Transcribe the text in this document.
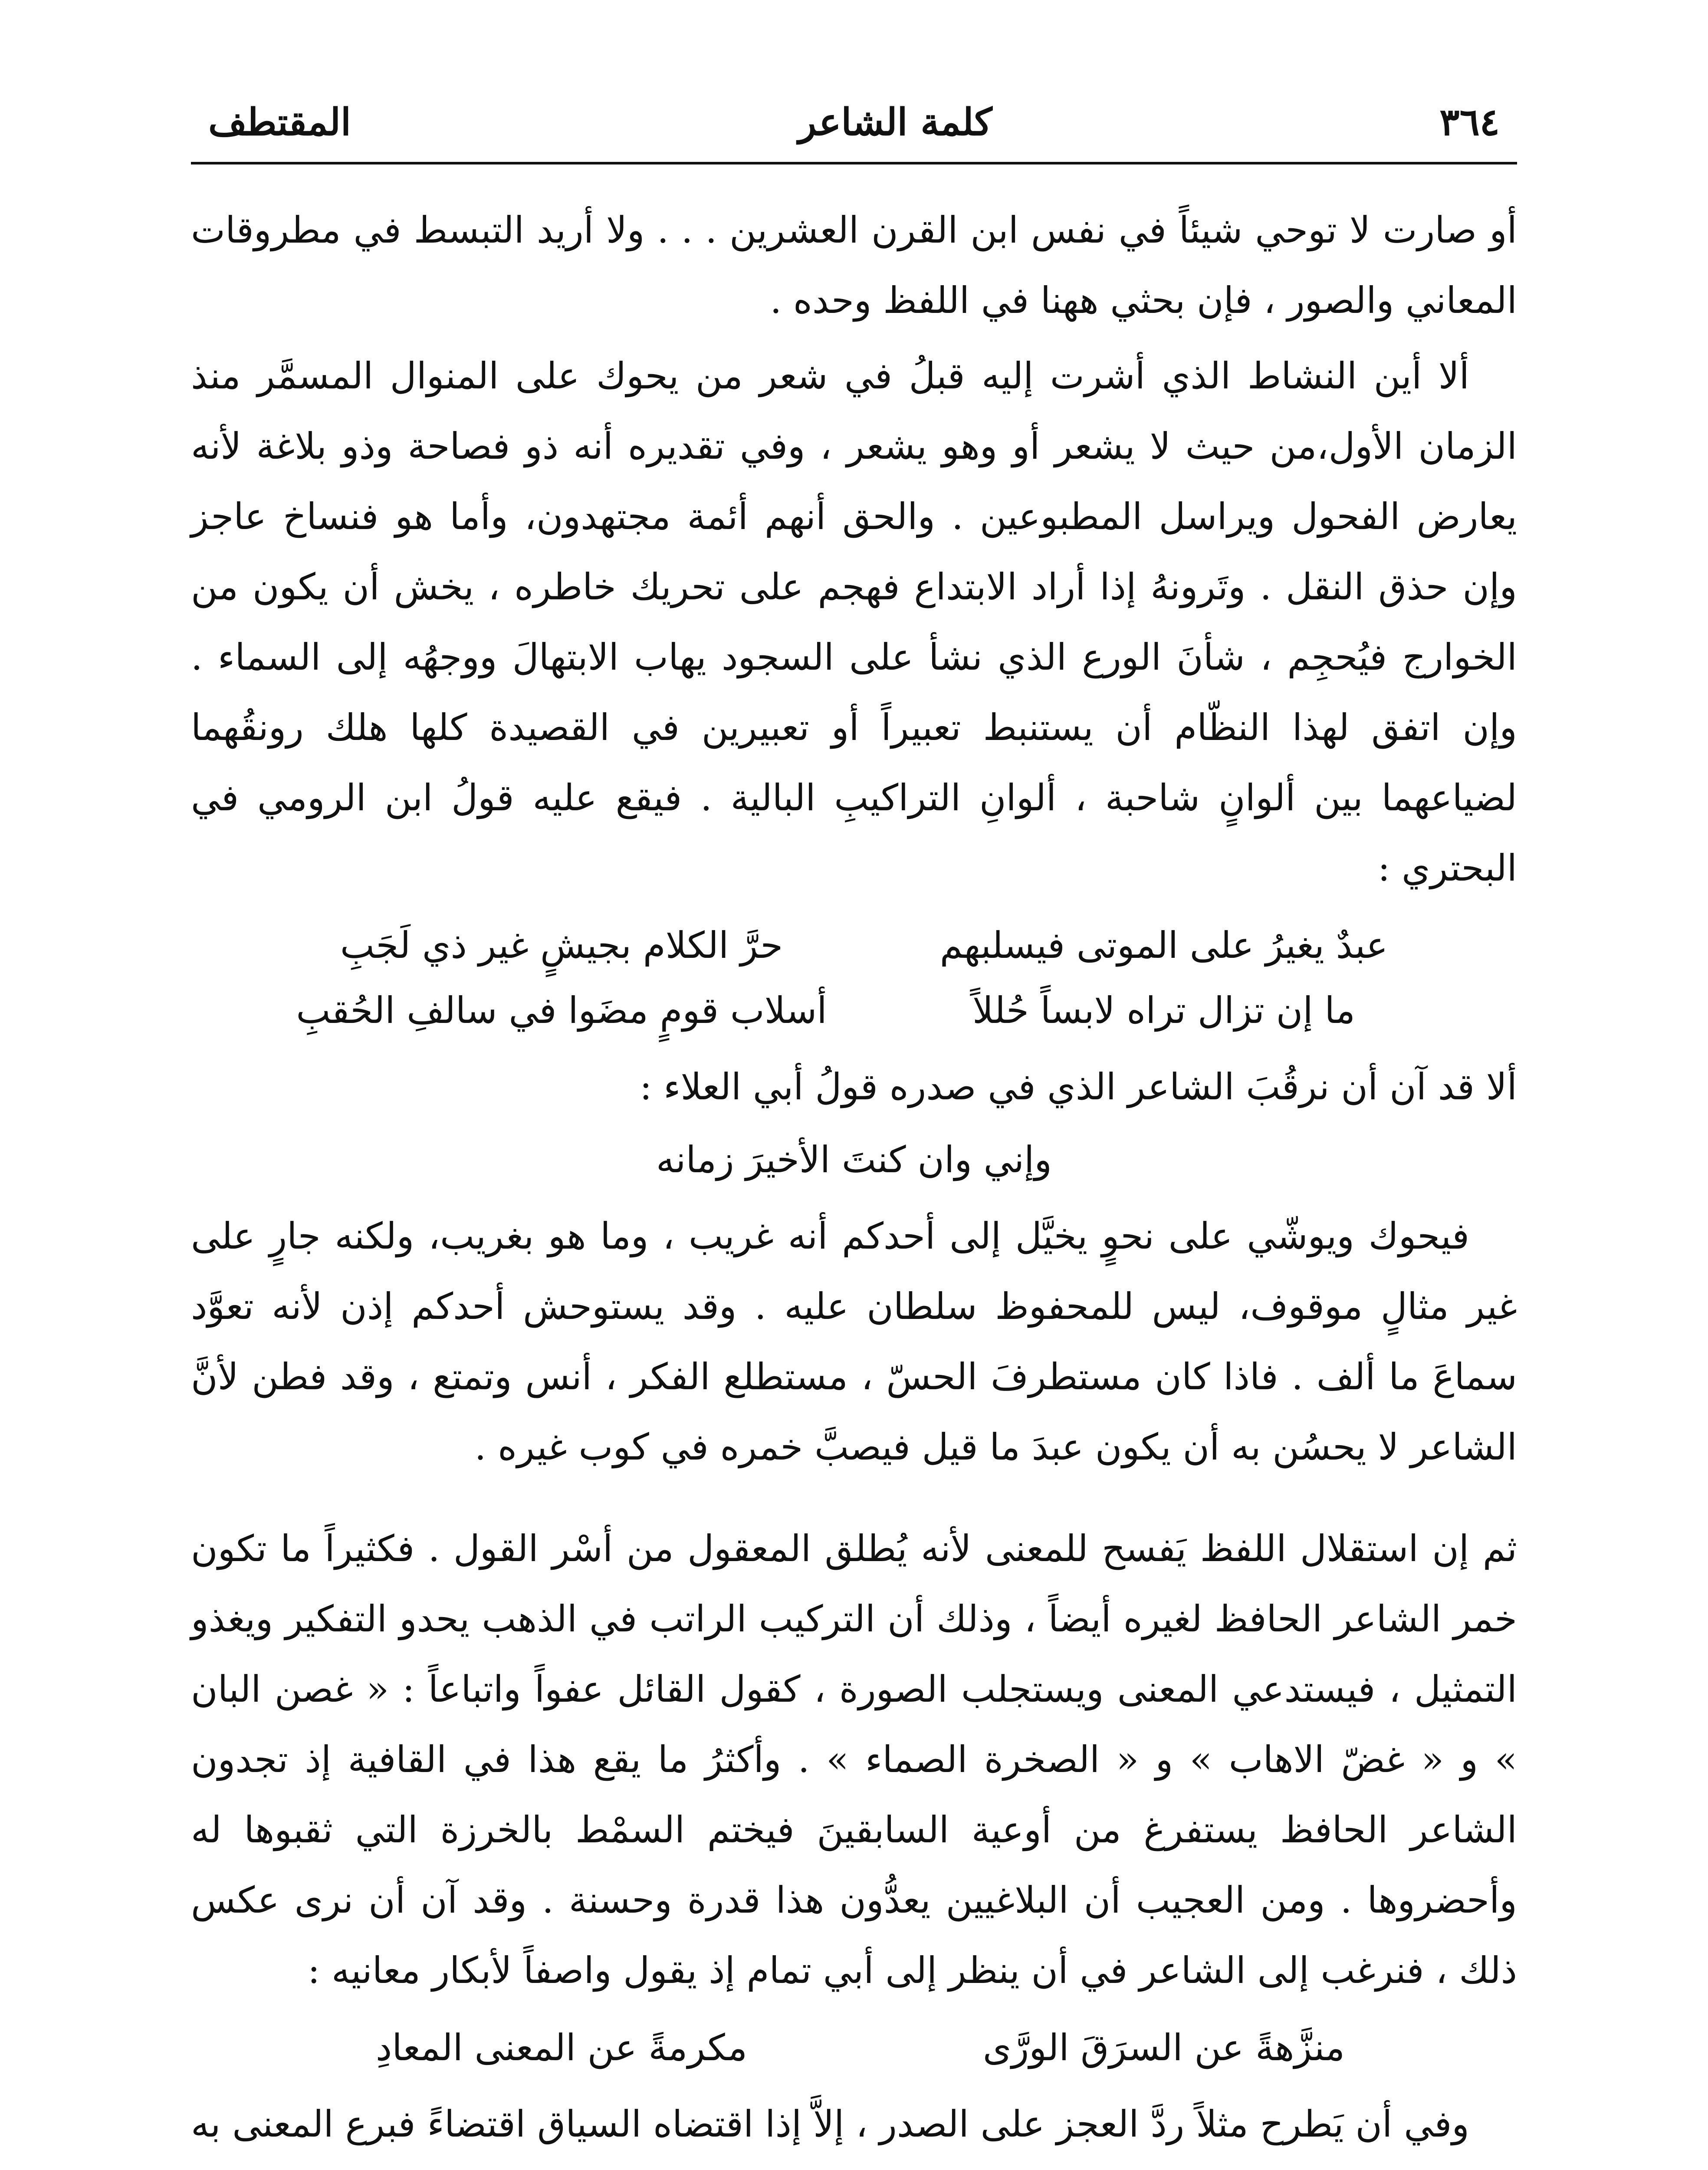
٣٦٤
كلمة الشاعر
المقتطف

أو صارت لا توحي شيئاً في نفس ابن القرن العشرين . . . ولا أريد التبسط في مطروقات المعاني والصور ، فإن بحثي ههنا في اللفظ وحده .

ألا أين النشاط الذي أشرت إليه قبلُ في شعر من يحوك على المنوال المسمَّر منذ الزمان الأول،من حيث لا يشعر أو وهو يشعر ، وفي تقديره أنه ذو فصاحة وذو بلاغة لأنه يعارض الفحول ويراسل المطبوعين . والحق أنهم أئمة مجتهدون، وأما هو فنساخ عاجز وإن حذق النقل . وتَرونهُ إذا أراد الابتداع فهجم على تحريك خاطره ، يخش أن يكون من الخوارج فيُحجِم ، شأنَ الورع الذي نشأ على السجود يهاب الابتهالَ ووجهُه إلى السماء . وإن اتفق لهذا النظّام أن يستنبط تعبيراً أو تعبيرين في القصيدة كلها هلك رونقُهما لضياعهما بين ألوانٍ شاحبة ، ألوانِ التراكيبِ البالية . فيقع عليه قولُ ابن الرومي في البحتري :

عبدٌ يغيرُ على الموتى فيسلبهم
حرَّ الكلام بجيشٍ غير ذي لَجَبِ
ما إن تزال تراه لابساً حُللاً
أسلاب قومٍ مضَوا في سالفِ الحُقبِ

ألا قد آن أن نرقُبَ الشاعر الذي في صدره قولُ أبي العلاء :

وإني وان كنتَ الأخيرَ زمانه

فيحوك ويوشّي على نحوٍ يخيَّل إلى أحدكم أنه غريب ، وما هو بغريب، ولكنه جارٍ على غير مثالٍ موقوف، ليس للمحفوظ سلطان عليه . وقد يستوحش أحدكم إذن لأنه تعوَّد سماعَ ما ألف . فاذا كان مستطرفَ الحسّ ، مستطلع الفكر ، أنس وتمتع ، وقد فطن لأنَّ الشاعر لا يحسُن به أن يكون عبدَ ما قيل فيصبَّ خمره في كوب غيره .

ثم إن استقلال اللفظ يَفسح للمعنى لأنه يُطلق المعقول من أسْر القول . فكثيراً ما تكون خمر الشاعر الحافظ لغيره أيضاً ، وذلك أن التركيب الراتب في الذهب يحدو التفكير ويغذو التمثيل ، فيستدعي المعنى ويستجلب الصورة ، كقول القائل عفواً واتباعاً : « غصن البان » و « غضّ الاهاب » و « الصخرة الصماء » . وأكثرُ ما يقع هذا في القافية إذ تجدون الشاعر الحافظ يستفرغ من أوعية السابقينَ فيختم السمْط بالخرزة التي ثقبوها له وأحضروها . ومن العجيب أن البلاغيين يعدُّون هذا قدرة وحسنة . وقد آن أن نرى عكس ذلك ، فنرغب إلى الشاعر في أن ينظر إلى أبي تمام إذ يقول واصفاً لأبكار معانيه :

منزَّهةً عن السرَقَ الورَّى
مكرمةً عن المعنى المعادِ

وفي أن يَطرح مثلاً ردَّ العجز على الصدر ، إلاَّ إذا اقتضاه السياق اقتضاءً فبرع المعنى به
